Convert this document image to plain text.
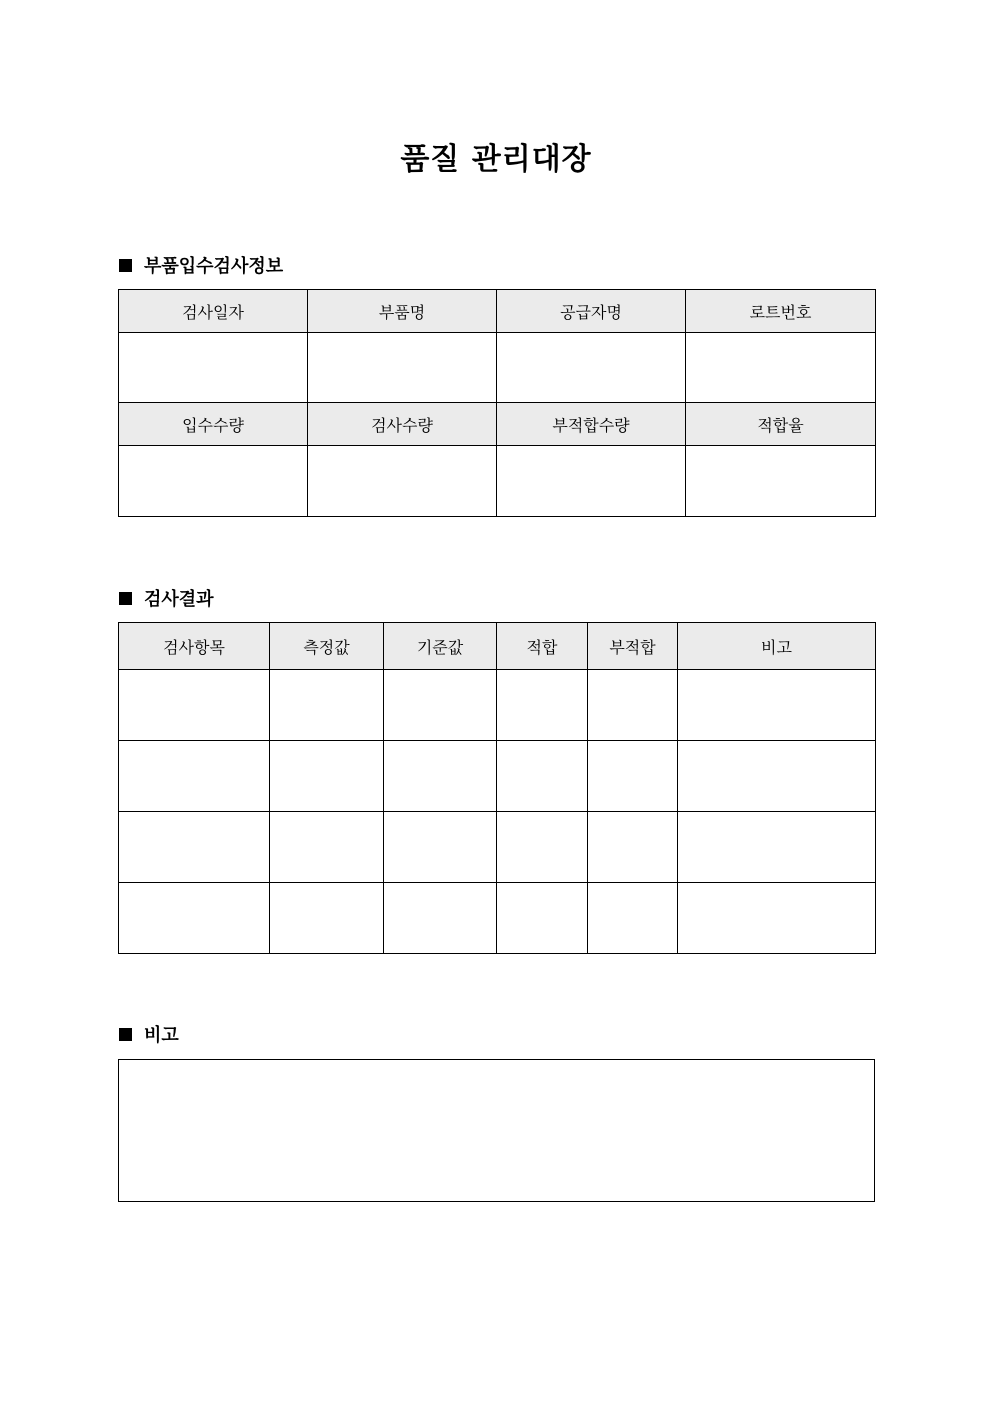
품질 관리대장
부품입수검사정보
검사일자	부품명	공급자명	로트번호

입수수량	검사수량	부적합수량	적합율

검사결과
검사항목	측정값	기준값	적합	부적합	비고

비고
